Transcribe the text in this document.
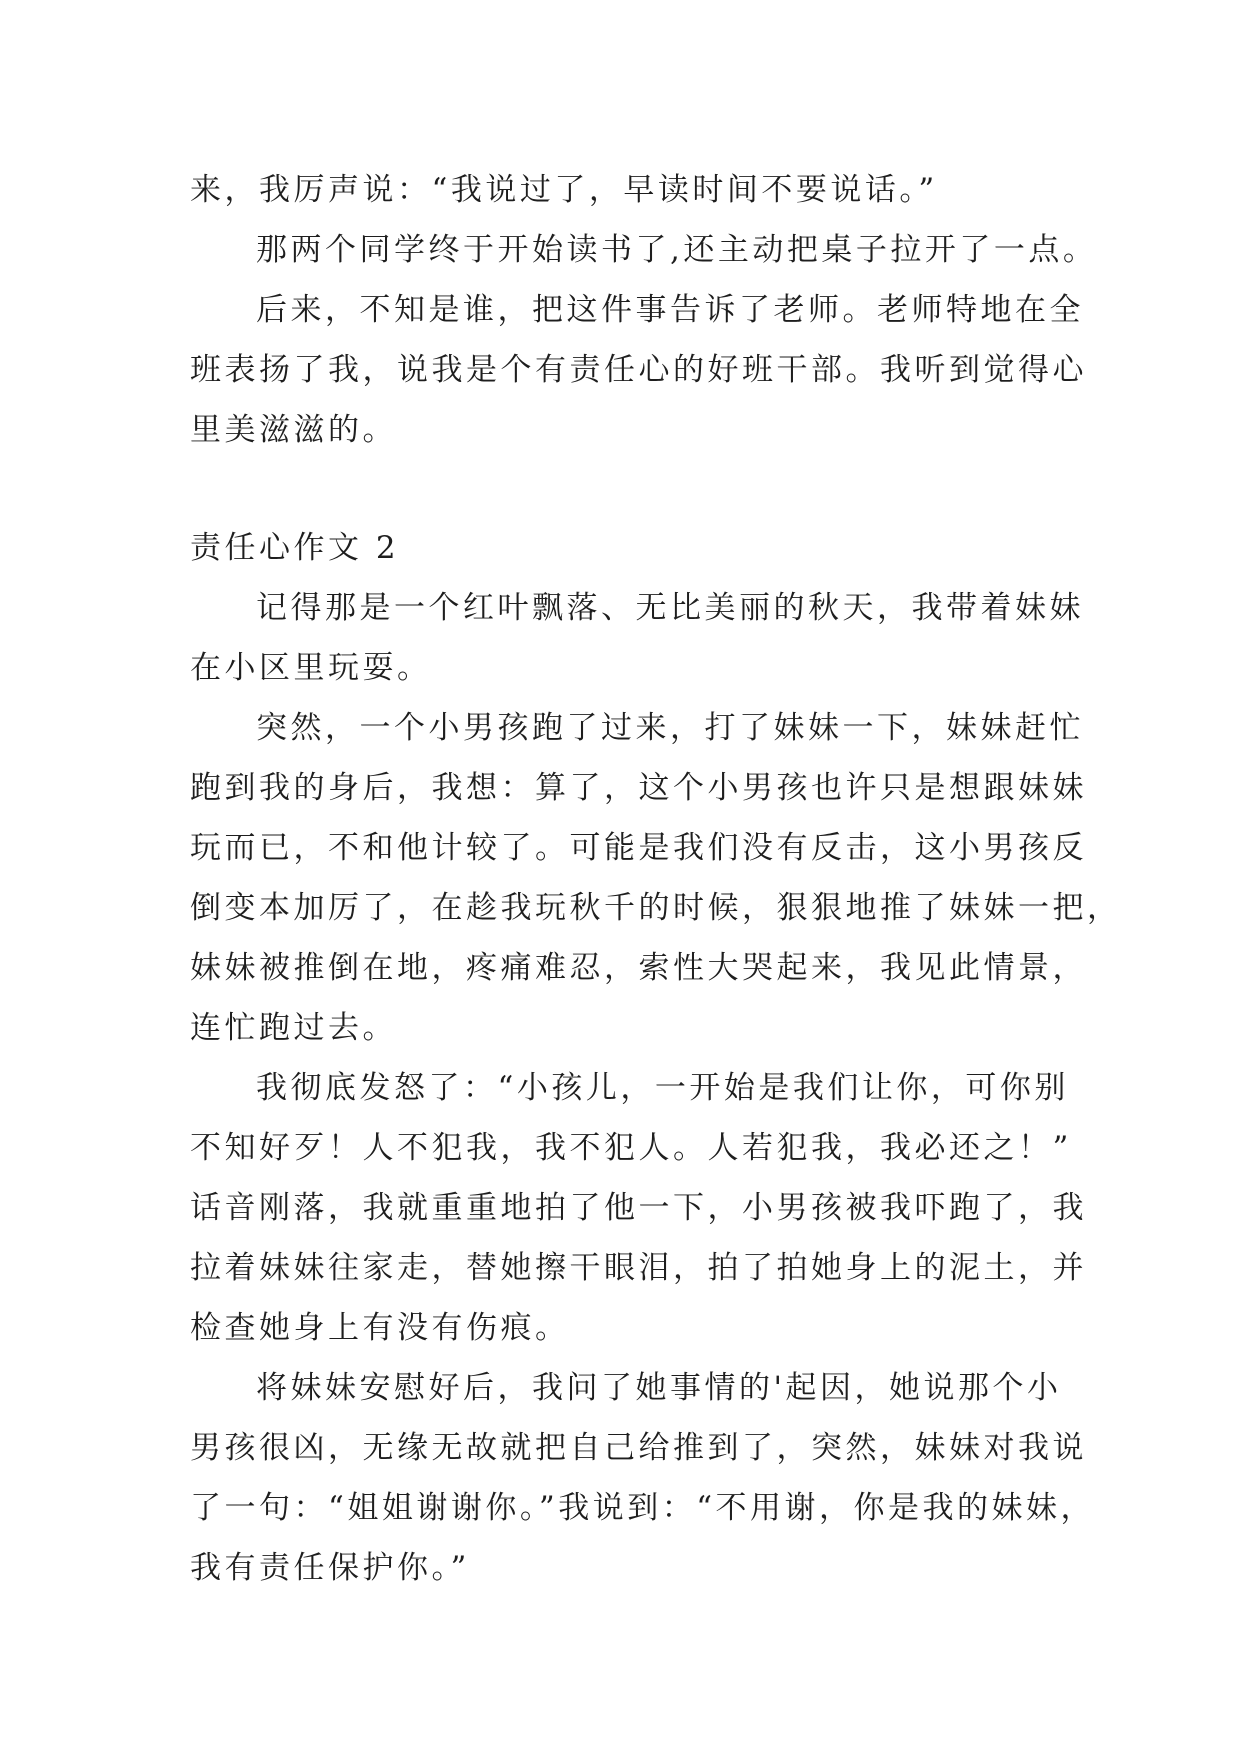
来，我厉声说：“我说过了，早读时间不要说话。”
那两个同学终于开始读书了,还主动把桌子拉开了一点。
后来，不知是谁，把这件事告诉了老师。老师特地在全
班表扬了我，说我是个有责任心的好班干部。我听到觉得心
里美滋滋的。
责任心作文 2
记得那是一个红叶飘落、无比美丽的秋天，我带着妹妹
在小区里玩耍。
突然，一个小男孩跑了过来，打了妹妹一下，妹妹赶忙
跑到我的身后，我想：算了，这个小男孩也许只是想跟妹妹
玩而已，不和他计较了。可能是我们没有反击，这小男孩反
倒变本加厉了，在趁我玩秋千的时候，狠狠地推了妹妹一把，
妹妹被推倒在地，疼痛难忍，索性大哭起来，我见此情景，
连忙跑过去。
我彻底发怒了：“小孩儿，一开始是我们让你，可你别
不知好歹！人不犯我，我不犯人。人若犯我，我必还之！”
话音刚落，我就重重地拍了他一下，小男孩被我吓跑了，我
拉着妹妹往家走，替她擦干眼泪，拍了拍她身上的泥土，并
检查她身上有没有伤痕。
将妹妹安慰好后，我问了她事情的'起因，她说那个小
男孩很凶，无缘无故就把自己给推到了，突然，妹妹对我说
了一句：“姐姐谢谢你。”我说到：“不用谢，你是我的妹妹，
我有责任保护你。”
